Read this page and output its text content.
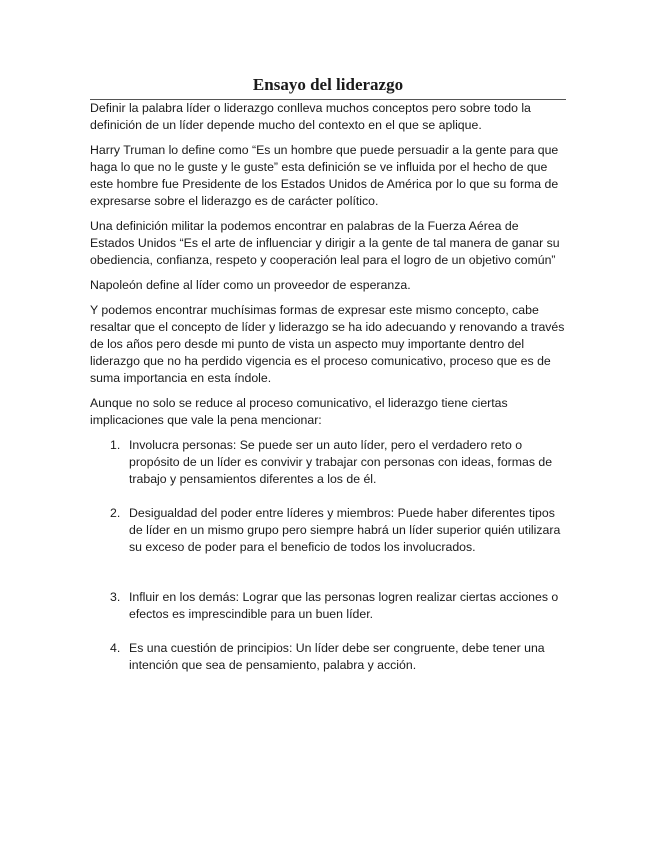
Ensayo del liderazgo

Definir la palabra líder o liderazgo conlleva muchos conceptos pero sobre todo la definición de un líder depende mucho del contexto en el que se aplique.

Harry Truman lo define como “Es un hombre que puede persuadir a la gente para que haga lo que no le guste y le guste” esta definición se ve influida por el hecho de que este hombre fue Presidente de los Estados Unidos de América por lo que su forma de expresarse sobre el liderazgo es de carácter político.

Una definición militar la podemos encontrar en palabras de la Fuerza Aérea de Estados Unidos “Es el arte de influenciar y dirigir a la gente de tal manera de ganar su obediencia, confianza, respeto y cooperación leal para el logro de un objetivo común”

Napoleón define al líder como un proveedor de esperanza.

Y podemos encontrar muchísimas formas de expresar este mismo concepto, cabe resaltar que el concepto de líder y liderazgo se ha ido adecuando y renovando a través de los años pero desde mi punto de vista un aspecto muy importante dentro del liderazgo que no ha perdido vigencia es el proceso comunicativo, proceso que es de suma importancia en esta índole.

Aunque no solo se reduce al proceso comunicativo, el liderazgo tiene ciertas implicaciones que vale la pena mencionar:

1. Involucra personas: Se puede ser un auto líder, pero el verdadero reto o propósito de un líder es convivir y trabajar con personas con ideas, formas de trabajo y pensamientos diferentes a los de él.
2. Desigualdad del poder entre líderes y miembros: Puede haber diferentes tipos de líder en un mismo grupo pero siempre habrá un líder superior quién utilizara su exceso de poder para el beneficio de todos los involucrados.
3. Influir en los demás: Lograr que las personas logren realizar ciertas acciones o efectos es imprescindible para un buen líder.
4. Es una cuestión de principios: Un líder debe ser congruente, debe tener una intención que sea de pensamiento, palabra y acción.
